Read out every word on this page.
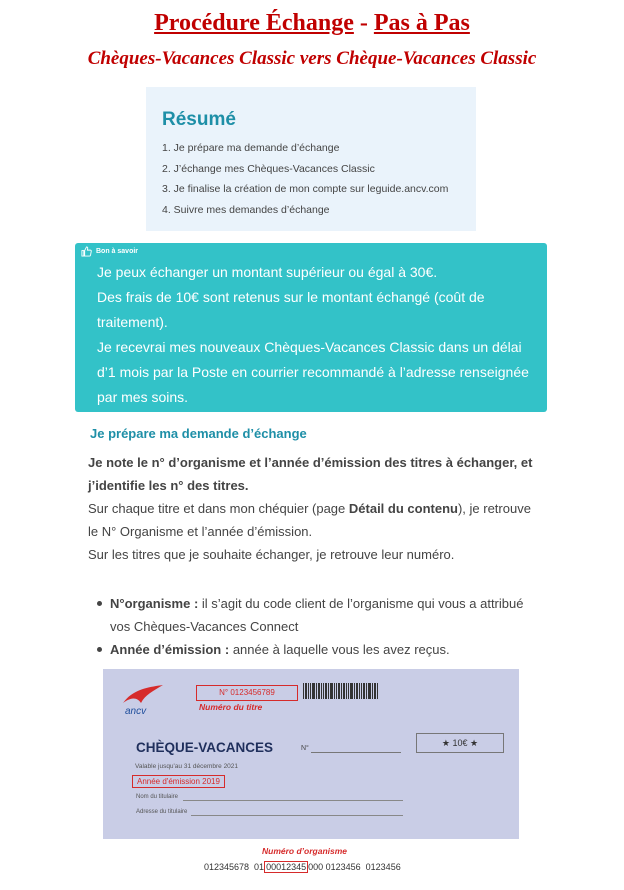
Procédure Échange - Pas à Pas
Chèques-Vacances Classic vers Chèque-Vacances Classic
Résumé
1. Je prépare ma demande d’échange
2. J’échange mes Chèques-Vacances Classic
3. Je finalise la création de mon compte sur leguide.ancv.com
4. Suivre mes demandes d’échange
Bon à savoir

Je peux échanger un montant supérieur ou égal à 30€.

Des frais de 10€ sont retenus sur le montant échangé (coût de traitement).

Je recevrai mes nouveaux Chèques-Vacances Classic dans un délai d’1 mois par la Poste en courrier recommandé à l’adresse renseignée par mes soins.

Je prépare ma demande d’échange

Je note le n° d’organisme et l’année d’émission des titres à échanger, et j’identifie les n° des titres.

Sur chaque titre et dans mon chéquier (page Détail du contenu), je retrouve le N° Organisme et l’année d’émission.

Sur les titres que je souhaite échanger, je retrouve leur numéro.

N°organisme : il s’agit du code client de l’organisme qui vous a attribué vos Chèques-Vacances Connect
Année d’émission : année à laquelle vous les avez reçus.
ancv
N° 0123456789
Numéro du titre
CHÈQUE-VACANCES	N°
★ 10€ ★
Valable jusqu'au 31 décembre 2021
Année d'émission 2019
Nom du titulaire
Adresse du titulaire
Numéro d’organisme
012345678  01 00012345 000 0123456  0123456
